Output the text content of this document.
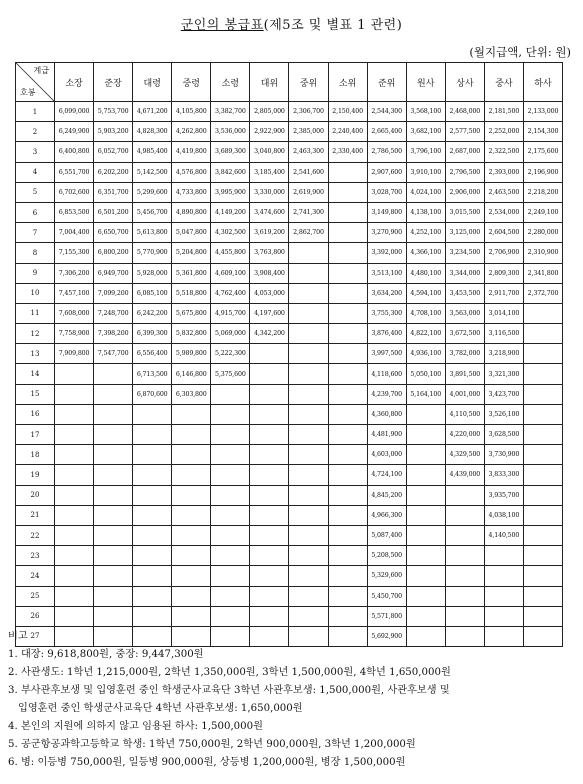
군인의 봉급표(제5조 및 별표 1 관련)
(월지급액, 단위: 원)
계급
호봉	소장	준장	대령	중령	소령	대위	중위	소위	준위	원사	상사	중사	하사
1	6,099,000	5,753,700	4,671,200	4,105,800	3,382,700	2,805,000	2,306,700	2,150,400	2,544,300	3,568,100	2,468,000	2,181,500	2,133,000
2	6,249,900	5,903,200	4,828,300	4,262,800	3,536,000	2,922,900	2,385,000	2,240,400	2,665,400	3,682,100	2,577,500	2,252,000	2,154,300
3	6,400,800	6,052,700	4,985,400	4,419,800	3,689,300	3,040,800	2,463,300	2,330,400	2,786,500	3,796,100	2,687,000	2,322,500	2,175,600
4	6,551,700	6,202,200	5,142,500	4,576,800	3,842,600	3,185,400	2,541,600		2,907,600	3,910,100	2,796,500	2,393,000	2,196,900
5	6,702,600	6,351,700	5,299,600	4,733,800	3,995,900	3,330,000	2,619,900		3,028,700	4,024,100	2,906,000	2,463,500	2,218,200
6	6,853,500	6,501,200	5,456,700	4,890,800	4,149,200	3,474,600	2,741,300		3,149,800	4,138,100	3,015,500	2,534,000	2,249,100
7	7,004,400	6,650,700	5,613,800	5,047,800	4,302,500	3,619,200	2,862,700		3,270,900	4,252,100	3,125,000	2,604,500	2,280,000
8	7,155,300	6,800,200	5,770,900	5,204,800	4,455,800	3,763,800			3,392,000	4,366,100	3,234,500	2,706,900	2,310,900
9	7,306,200	6,949,700	5,928,000	5,361,800	4,609,100	3,908,400			3,513,100	4,480,100	3,344,000	2,809,300	2,341,800
10	7,457,100	7,099,200	6,085,100	5,518,800	4,762,400	4,053,000			3,634,200	4,594,100	3,453,500	2,911,700	2,372,700
11	7,608,000	7,248,700	6,242,200	5,675,800	4,915,700	4,197,600			3,755,300	4,708,100	3,563,000	3,014,100	
12	7,758,900	7,398,200	6,399,300	5,832,800	5,069,000	4,342,200			3,876,400	4,822,100	3,672,500	3,116,500	
13	7,909,800	7,547,700	6,556,400	5,989,800	5,222,300				3,997,500	4,936,100	3,782,000	3,218,900	
14			6,713,500	6,146,800	5,375,600				4,118,600	5,050,100	3,891,500	3,321,300	
15			6,870,600	6,303,800					4,239,700	5,164,100	4,001,000	3,423,700	
16									4,360,800		4,110,500	3,526,100	
17									4,481,900		4,220,000	3,628,500	
18									4,603,000		4,329,500	3,730,900	
19									4,724,100		4,439,000	3,833,300	
20									4,845,200			3,935,700	
21									4,966,300			4,038,100	
22									5,087,400			4,140,500	
23									5,208,500				
24									5,329,600				
25									5,450,700				
26									5,571,800				
27									5,692,900				
비고
1. 대장: 9,618,800원, 중장: 9,447,300원
2. 사관생도: 1학년 1,215,000원, 2학년 1,350,000원, 3학년 1,500,000원, 4학년 1,650,000원
3. 부사관후보생 및 입영훈련 중인 학생군사교육단 3학년 사관후보생: 1,500,000원, 사관후보생 및
입영훈련 중인 학생군사교육단 4학년 사관후보생: 1,650,000원
4. 본인의 지원에 의하지 않고 임용된 하사: 1,500,000원
5. 공군항공과학고등학교 학생: 1학년 750,000원, 2학년 900,000원, 3학년 1,200,000원
6. 병: 이등병 750,000원, 일등병 900,000원, 상등병 1,200,000원, 병장 1,500,000원
